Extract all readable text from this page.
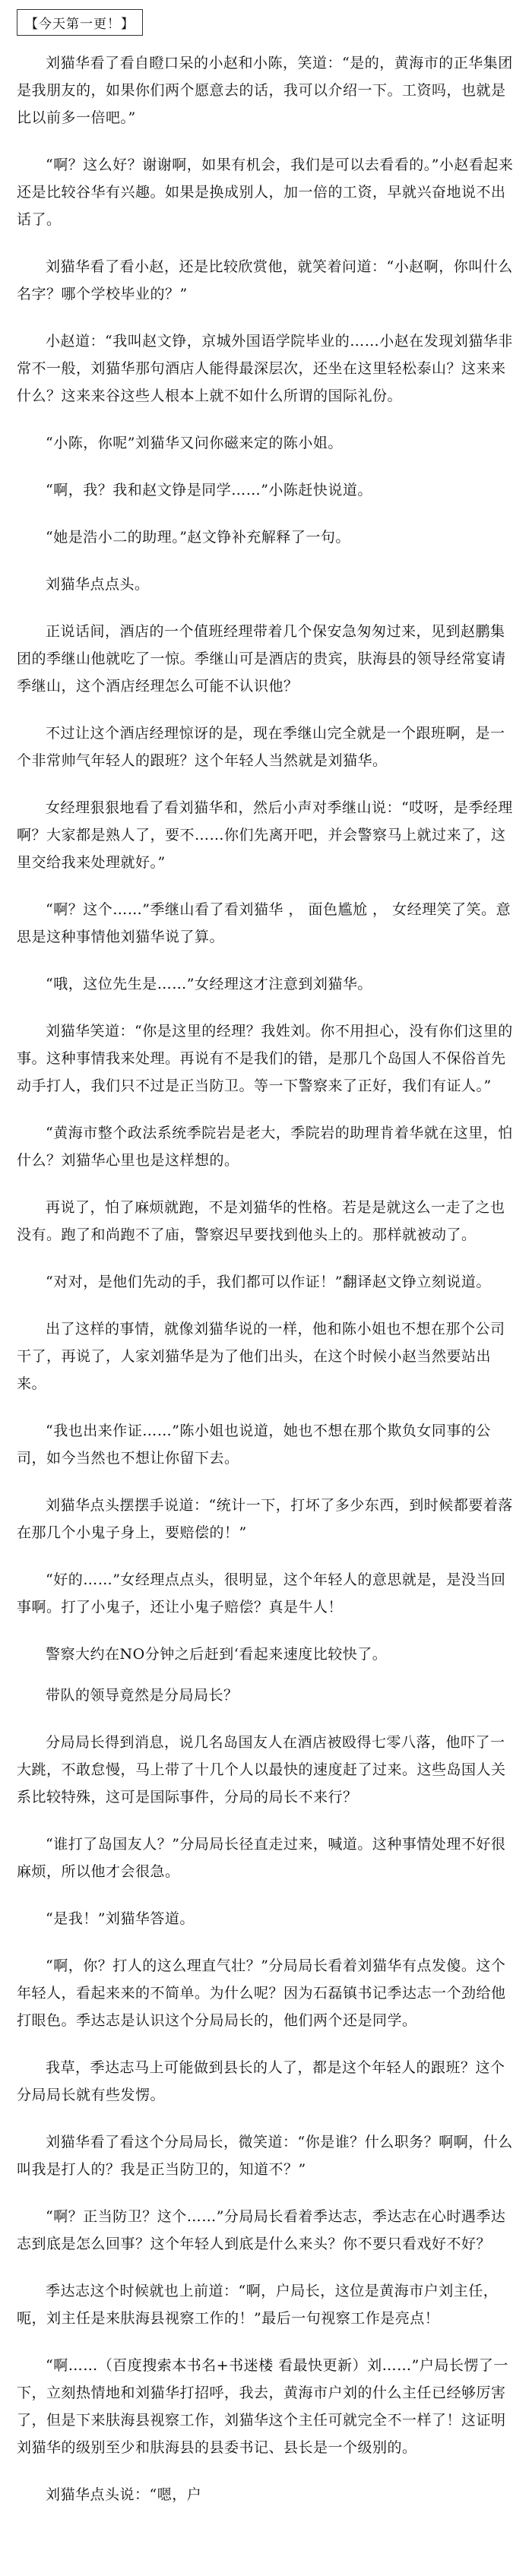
【今天第一更！】

刘猫华看了看自瞪口呆的小赵和小陈，笑道：“是的，黄海市的正华集团是我朋友的，如果你们两个愿意去的话，我可以介绍一下。工资吗，也就是比以前多一倍吧。”

“啊？这么好？谢谢啊，如果有机会，我们是可以去看看的。”小赵看起来还是比较谷华有兴趣。如果是换成别人，加一倍的工资，早就兴奋地说不出话了。

刘猫华看了看小赵，还是比较欣赏他，就笑着问道：“小赵啊，你叫什么名字？哪个学校毕业的？”

小赵道：“我叫赵文铮，京城外国语学院毕业的……小赵在发现刘猫华非常不一般，刘猫华那句酒店人能得最深层次，还坐在这里轻松泰山？这来来什么？这来来谷这些人根本上就不如什么所谓的国际礼份。

“小陈，你呢”刘猫华又问你磁来定的陈小姐。

“啊，我？我和赵文铮是同学……”小陈赶快说道。

“她是浩小二的助理。”赵文铮补充解释了一句。

刘猫华点点头。

正说话间，酒店的一个值班经理带着几个保安急匆匆过来，见到赵鹏集团的季继山他就吃了一惊。季继山可是酒店的贵宾，肤海县的领导经常宴请季继山，这个酒店经理怎么可能不认识他？

不过让这个酒店经理惊讶的是，现在季继山完全就是一个跟班啊，是一个非常帅气年轻人的跟班？这个年轻人当然就是刘猫华。

女经理狠狠地看了看刘猫华和，然后小声对季继山说：“哎呀，是季经理啊？大家都是熟人了，要不……你们先离开吧，并会警察马上就过来了，这里交给我来处理就好。”

“啊？这个……”季继山看了看刘猫华 ， 面色尴尬 ， 女经理笑了笑。意思是这种事情他刘猫华说了算。

“哦，这位先生是……”女经理这才注意到刘猫华。

刘猫华笑道：“你是这里的经理？我姓刘。你不用担心，没有你们这里的事。这种事情我来处理。再说有不是我们的错，是那几个岛国人不保俗首先动手打人，我们只不过是正当防卫。等一下警察来了正好，我们有证人。”

“黄海市整个政法系统季院岩是老大，季院岩的助理肯着华就在这里，怕什么？刘猫华心里也是这样想的。

再说了，怕了麻烦就跑，不是刘猫华的性格。若是是就这么一走了之也没有。跑了和尚跑不了庙，警察迟早要找到他头上的。那样就被动了。

“对对，是他们先动的手，我们都可以作证！”翻译赵文铮立刻说道。

出了这样的事情，就像刘猫华说的一样，他和陈小姐也不想在那个公司干了，再说了，人家刘猫华是为了他们出头，在这个时候小赵当然要站出来。

“我也出来作证……”陈小姐也说道，她也不想在那个欺负女同事的公司，如今当然也不想让你留下去。

刘猫华点头摆摆手说道：“统计一下，打坏了多少东西，到时候都要着落在那几个小鬼子身上，要赔偿的！”

“好的……”女经理点点头，很明显，这个年轻人的意思就是，是没当回事啊。打了小鬼子，还让小鬼子赔偿？真是牛人！

警察大约在NO分钟之后赶到‘看起来速度比较快了。

带队的领导竟然是分局局长？

分局局长得到消息，说几名岛国友人在酒店被殴得七零八落，他吓了一大跳，不敢怠慢，马上带了十几个人以最快的速度赶了过来。这些岛国人关系比较特殊，这可是国际事件，分局的局长不来行？

“谁打了岛国友人？”分局局长径直走过来，喊道。这种事情处理不好很麻烦，所以他才会很急。

“是我！”刘猫华答道。

“啊，你？打人的这么理直气壮？”分局局长看着刘猫华有点发傻。这个年轻人，看起来来的不简单。为什么呢？因为石磊镇书记季达志一个劲给他打眼色。季达志是认识这个分局局长的，他们两个还是同学。

我草，季达志马上可能做到县长的人了，都是这个年轻人的跟班？这个分局局长就有些发愣。

刘猫华看了看这个分局局长，微笑道：“你是谁？什么职务？啊啊，什么叫我是打人的？我是正当防卫的，知道不？”

“啊？正当防卫？这个……”分局局长看着季达志，季达志在心时遇季达志到底是怎么回事？这个年轻人到底是什么来头？你不要只看戏好不好？

季达志这个时候就也上前道：“啊，户局长，这位是黄海市户刘主任，呃，刘主任是来肤海县视察工作的！”最后一句视察工作是亮点！

“啊……（百度搜索本书名+书迷楼 看最快更新）刘……”户局长愣了一下，立刻热情地和刘猫华打招呼，我去，黄海市户刘的什么主任已经够厉害了，但是下来肤海县视察工作，刘猫华这个主任可就完全不一样了！这证明刘猫华的级别至少和肤海县的县委书记、县长是一个级别的。

刘猫华点头说：“嗯，户
